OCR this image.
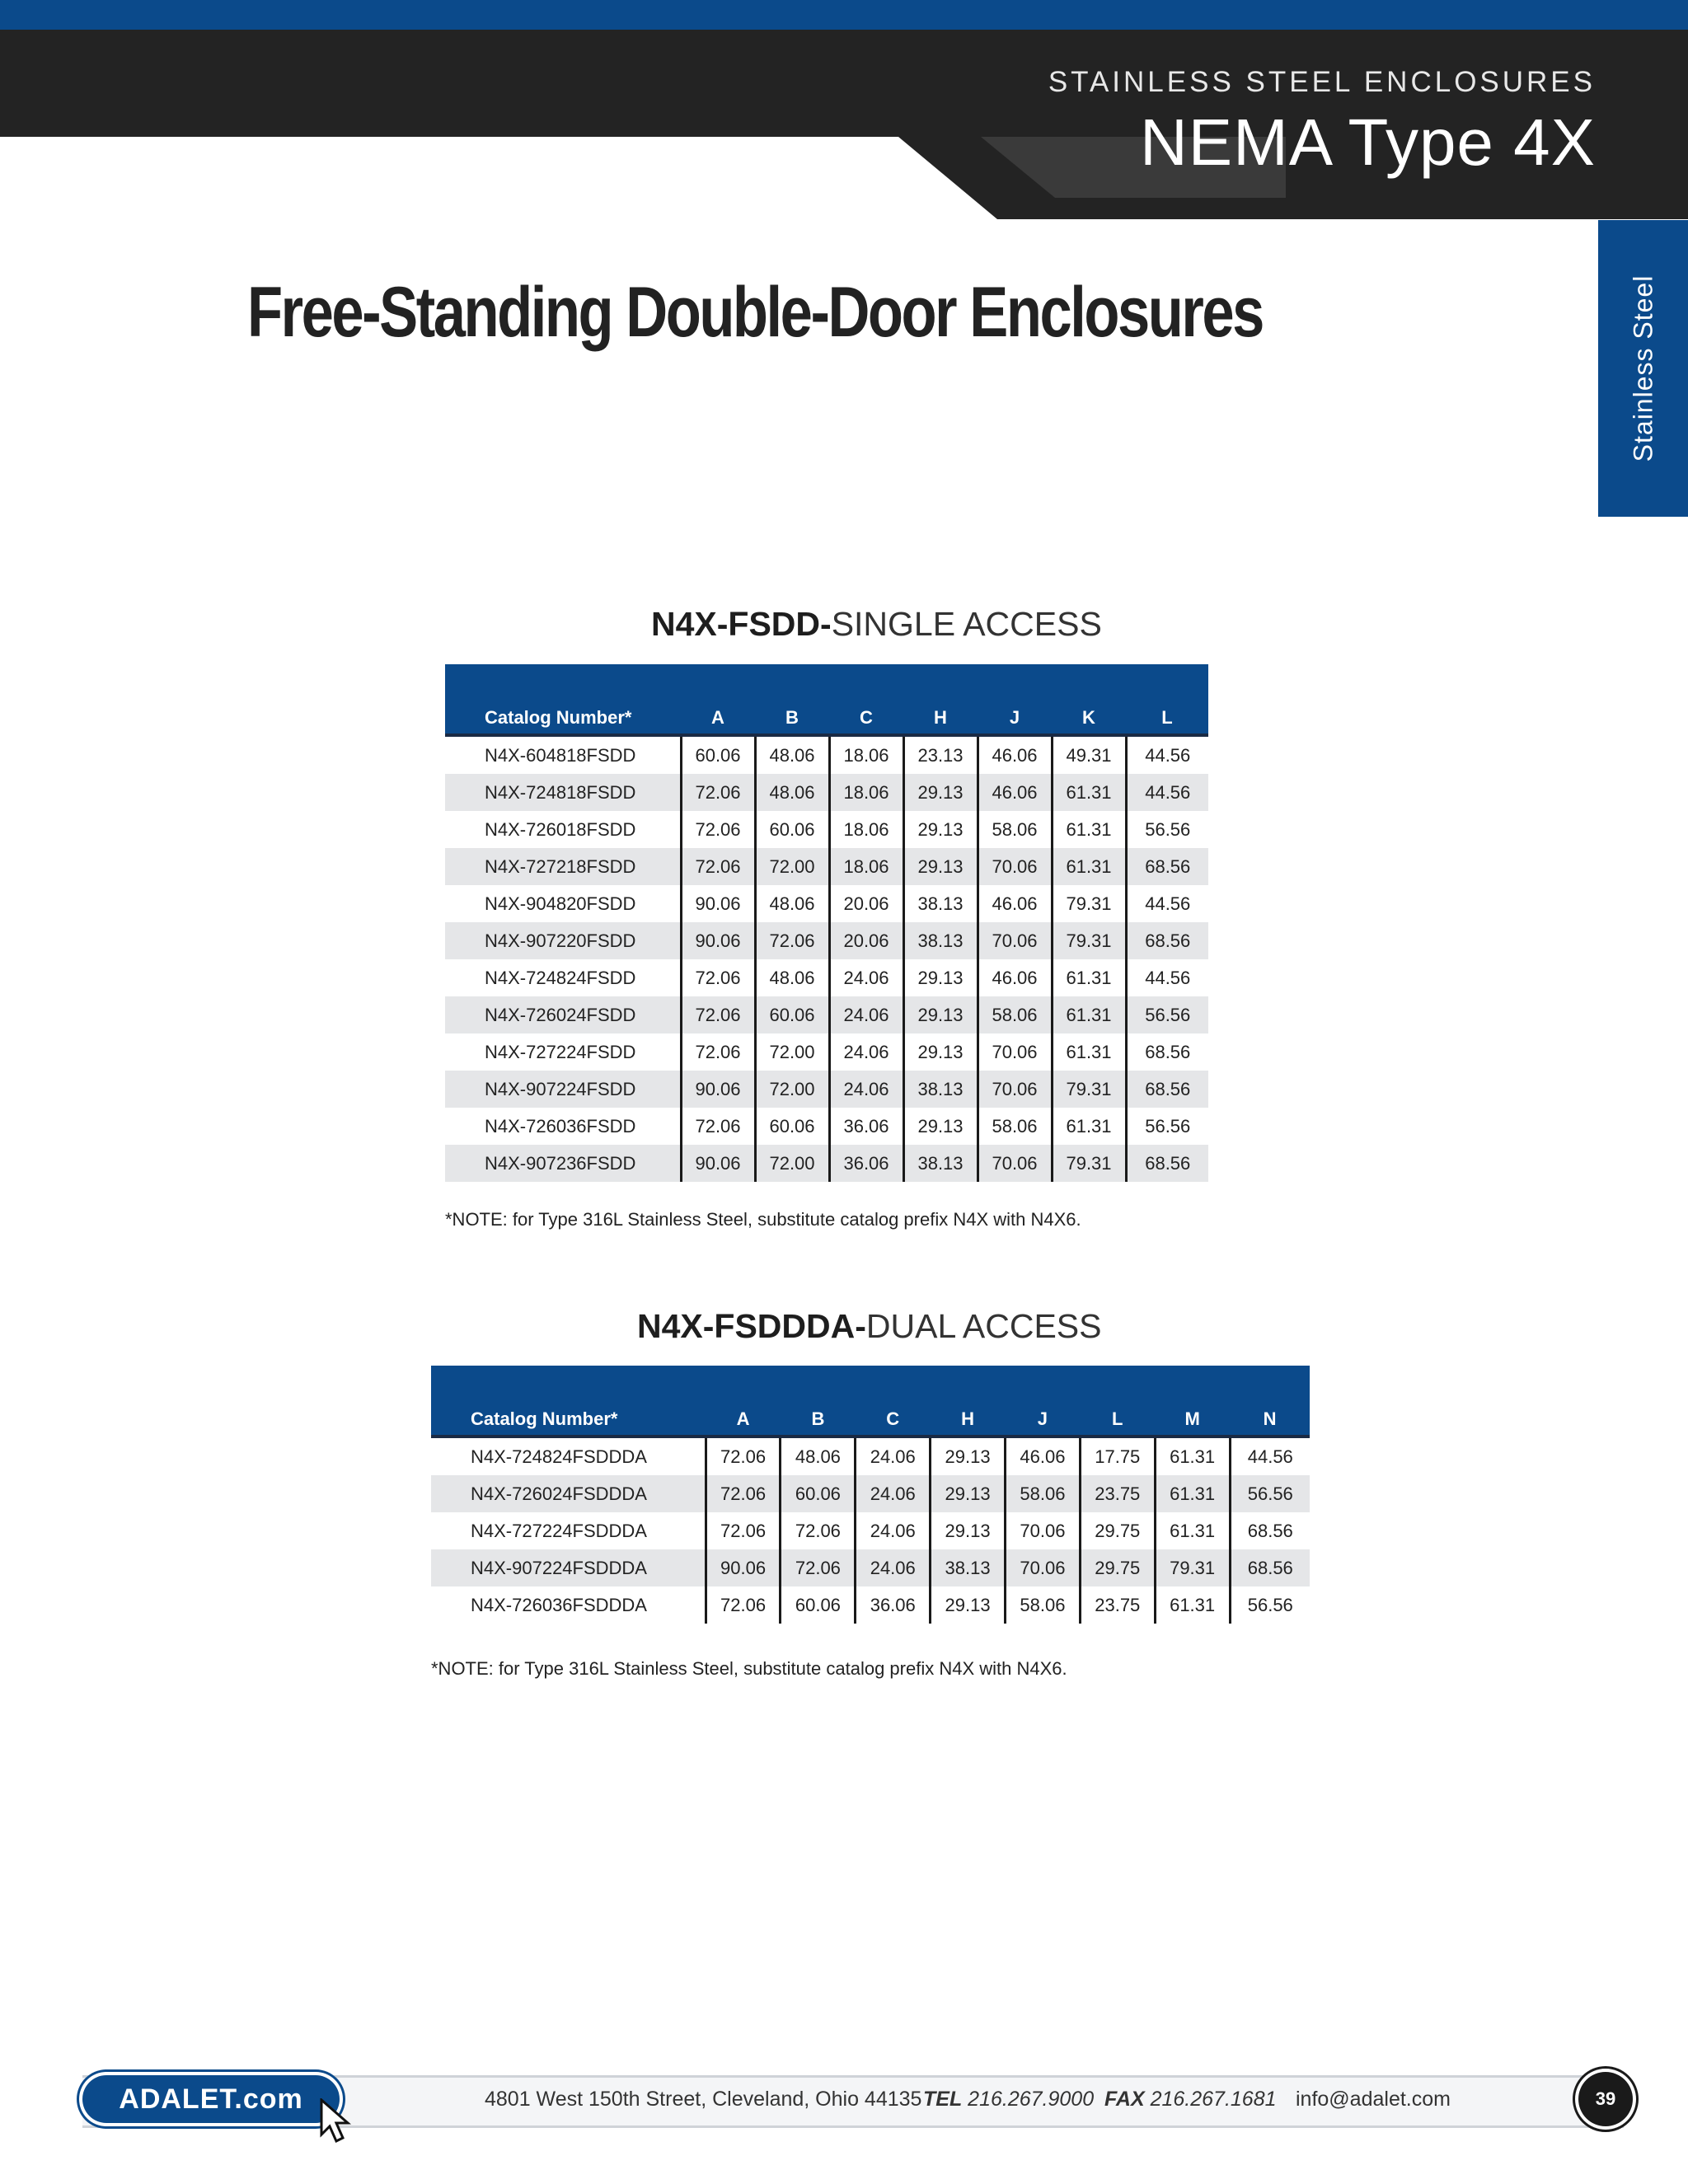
STAINLESS STEEL ENCLOSURES
NEMA Type 4X
Stainless Steel
Free-Standing Double-Door Enclosures
N4X-FSDD-SINGLE ACCESS
Catalog Number*	A	B	C	H	J	K	L
N4X-604818FSDD	60.06	48.06	18.06	23.13	46.06	49.31	44.56
N4X-724818FSDD	72.06	48.06	18.06	29.13	46.06	61.31	44.56
N4X-726018FSDD	72.06	60.06	18.06	29.13	58.06	61.31	56.56
N4X-727218FSDD	72.06	72.00	18.06	29.13	70.06	61.31	68.56
N4X-904820FSDD	90.06	48.06	20.06	38.13	46.06	79.31	44.56
N4X-907220FSDD	90.06	72.06	20.06	38.13	70.06	79.31	68.56
N4X-724824FSDD	72.06	48.06	24.06	29.13	46.06	61.31	44.56
N4X-726024FSDD	72.06	60.06	24.06	29.13	58.06	61.31	56.56
N4X-727224FSDD	72.06	72.00	24.06	29.13	70.06	61.31	68.56
N4X-907224FSDD	90.06	72.00	24.06	38.13	70.06	79.31	68.56
N4X-726036FSDD	72.06	60.06	36.06	29.13	58.06	61.31	56.56
N4X-907236FSDD	90.06	72.00	36.06	38.13	70.06	79.31	68.56
*NOTE: for Type 316L Stainless Steel, substitute catalog prefix N4X with N4X6.
N4X-FSDDDA-DUAL ACCESS
Catalog Number*	A	B	C	H	J	L	M	N
N4X-724824FSDDDA	72.06	48.06	24.06	29.13	46.06	17.75	61.31	44.56
N4X-726024FSDDDA	72.06	60.06	24.06	29.13	58.06	23.75	61.31	56.56
N4X-727224FSDDDA	72.06	72.06	24.06	29.13	70.06	29.75	61.31	68.56
N4X-907224FSDDDA	90.06	72.06	24.06	38.13	70.06	29.75	79.31	68.56
N4X-726036FSDDDA	72.06	60.06	36.06	29.13	58.06	23.75	61.31	56.56
*NOTE: for Type 316L Stainless Steel, substitute catalog prefix N4X with N4X6.
ADALET.com	4801 West 150th Street, Cleveland, Ohio 44135 TEL 216.267.9000 FAX 216.267.1681 info@adalet.com	39
